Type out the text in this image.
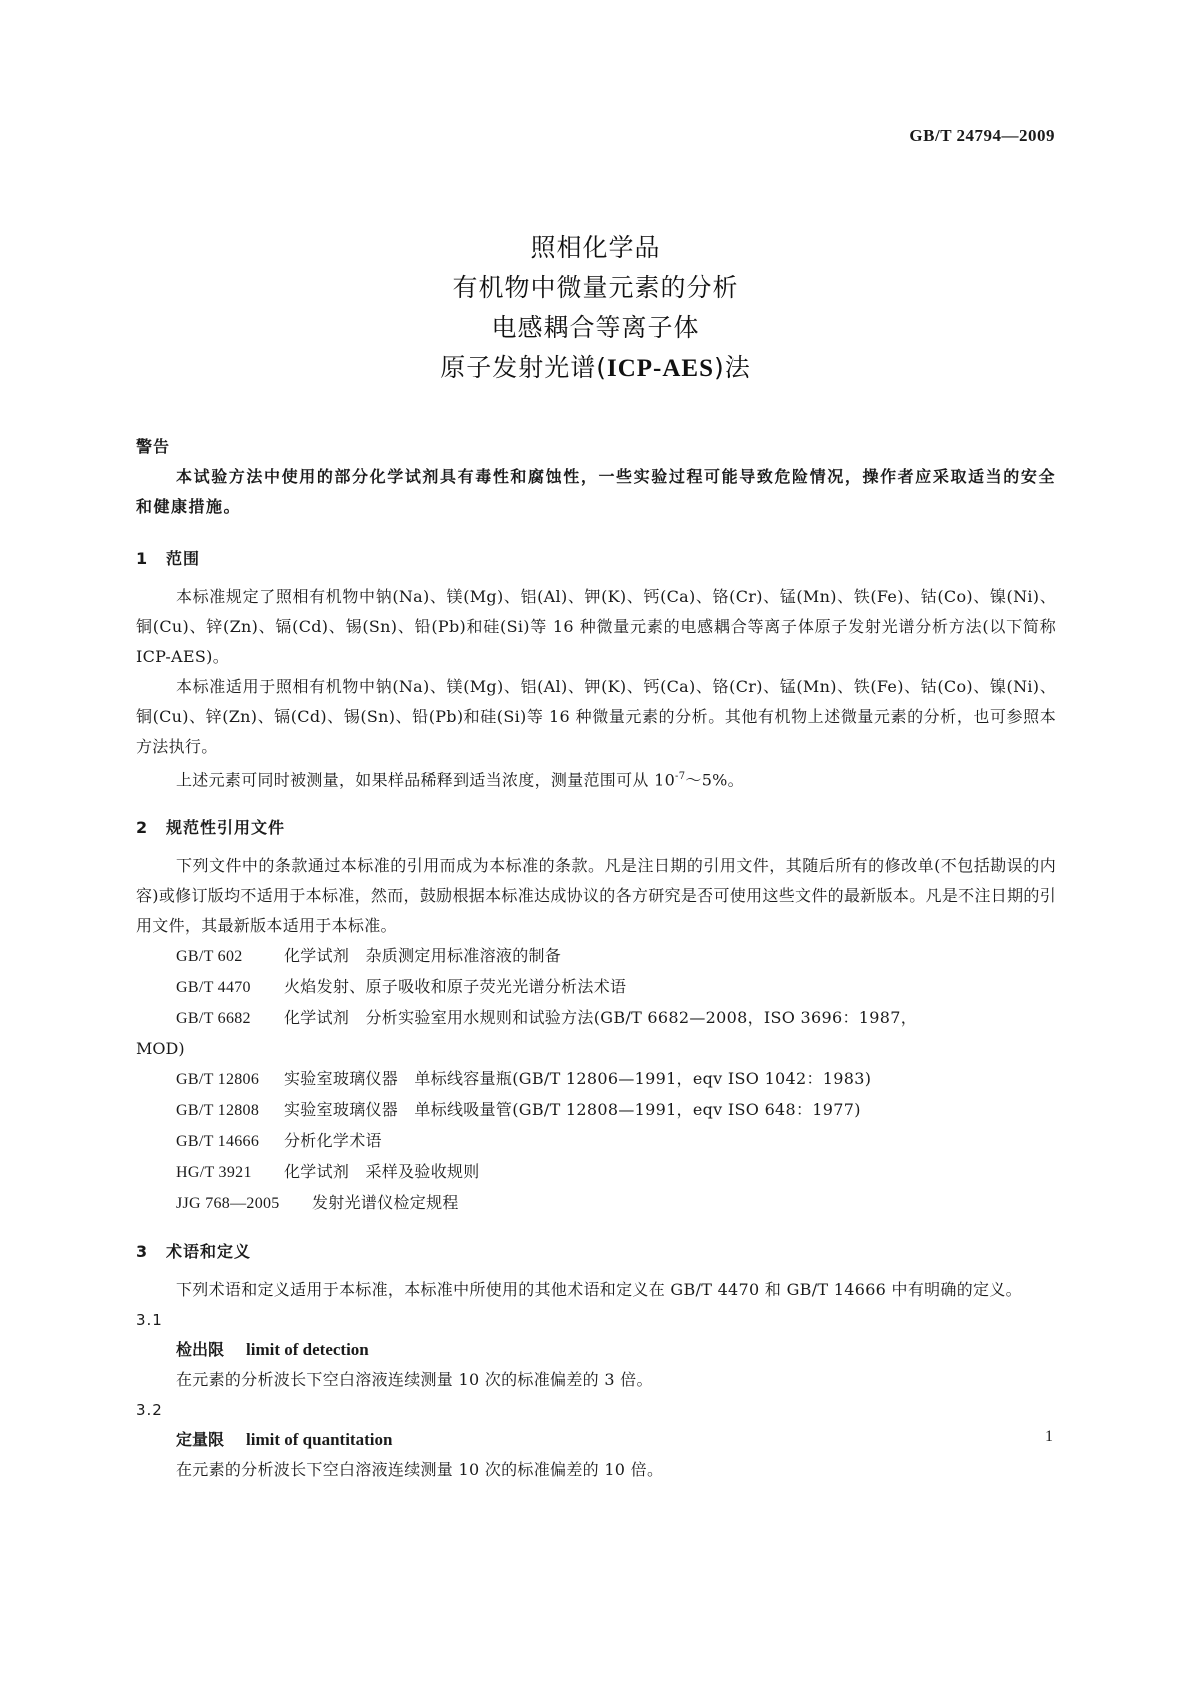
GB/T 24794—2009
照相化学品
有机物中微量元素的分析
电感耦合等离子体
原子发射光谱(ICP-AES)法
警告
本试验方法中使用的部分化学试剂具有毒性和腐蚀性，一些实验过程可能导致危险情况，操作者应采取适当的安全和健康措施。
1 范围
本标准规定了照相有机物中钠(Na)、镁(Mg)、铝(Al)、钾(K)、钙(Ca)、铬(Cr)、锰(Mn)、铁(Fe)、钴(Co)、镍(Ni)、铜(Cu)、锌(Zn)、镉(Cd)、锡(Sn)、铅(Pb)和硅(Si)等 16 种微量元素的电感耦合等离子体原子发射光谱分析方法(以下简称 ICP-AES)。
本标准适用于照相有机物中钠(Na)、镁(Mg)、铝(Al)、钾(K)、钙(Ca)、铬(Cr)、锰(Mn)、铁(Fe)、钴(Co)、镍(Ni)、铜(Cu)、锌(Zn)、镉(Cd)、锡(Sn)、铅(Pb)和硅(Si)等 16 种微量元素的分析。其他有机物上述微量元素的分析，也可参照本方法执行。
上述元素可同时被测量，如果样品稀释到适当浓度，测量范围可从 $10^{-7}\sim 5\%$。
2 规范性引用文件
下列文件中的条款通过本标准的引用而成为本标准的条款。凡是注日期的引用文件，其随后所有的修改单(不包括勘误的内容)或修订版均不适用于本标准，然而，鼓励根据本标准达成协议的各方研究是否可使用这些文件的最新版本。凡是不注日期的引用文件，其最新版本适用于本标准。
GB/T 602	化学试剂　杂质测定用标准溶液的制备
GB/T 4470 火焰发射、原子吸收和原子荧光光谱分析法术语
GB/T 6682 化学试剂　分析实验室用水规则和试验方法(GB/T 6682—2008，ISO 3696：1987，
MOD)
GB/T 12806 实验室玻璃仪器　单标线容量瓶(GB/T 12806—1991，eqv ISO 1042：1983)
GB/T 12808 实验室玻璃仪器　单标线吸量管(GB/T 12808—1991，eqv ISO 648：1977)
GB/T 14666 分析化学术语
HG/T 3921 化学试剂　采样及验收规则
JJG 768—2005 发射光谱仪检定规程
3 术语和定义
下列术语和定义适用于本标准，本标准中所使用的其他术语和定义在 GB/T 4470 和 GB/T 14666 中有明确的定义。
3.1
检出限 limit of detection
在元素的分析波长下空白溶液连续测量 10 次的标准偏差的 3 倍。
3.2
定量限 limit of quantitation
在元素的分析波长下空白溶液连续测量 10 次的标准偏差的 10 倍。
1
